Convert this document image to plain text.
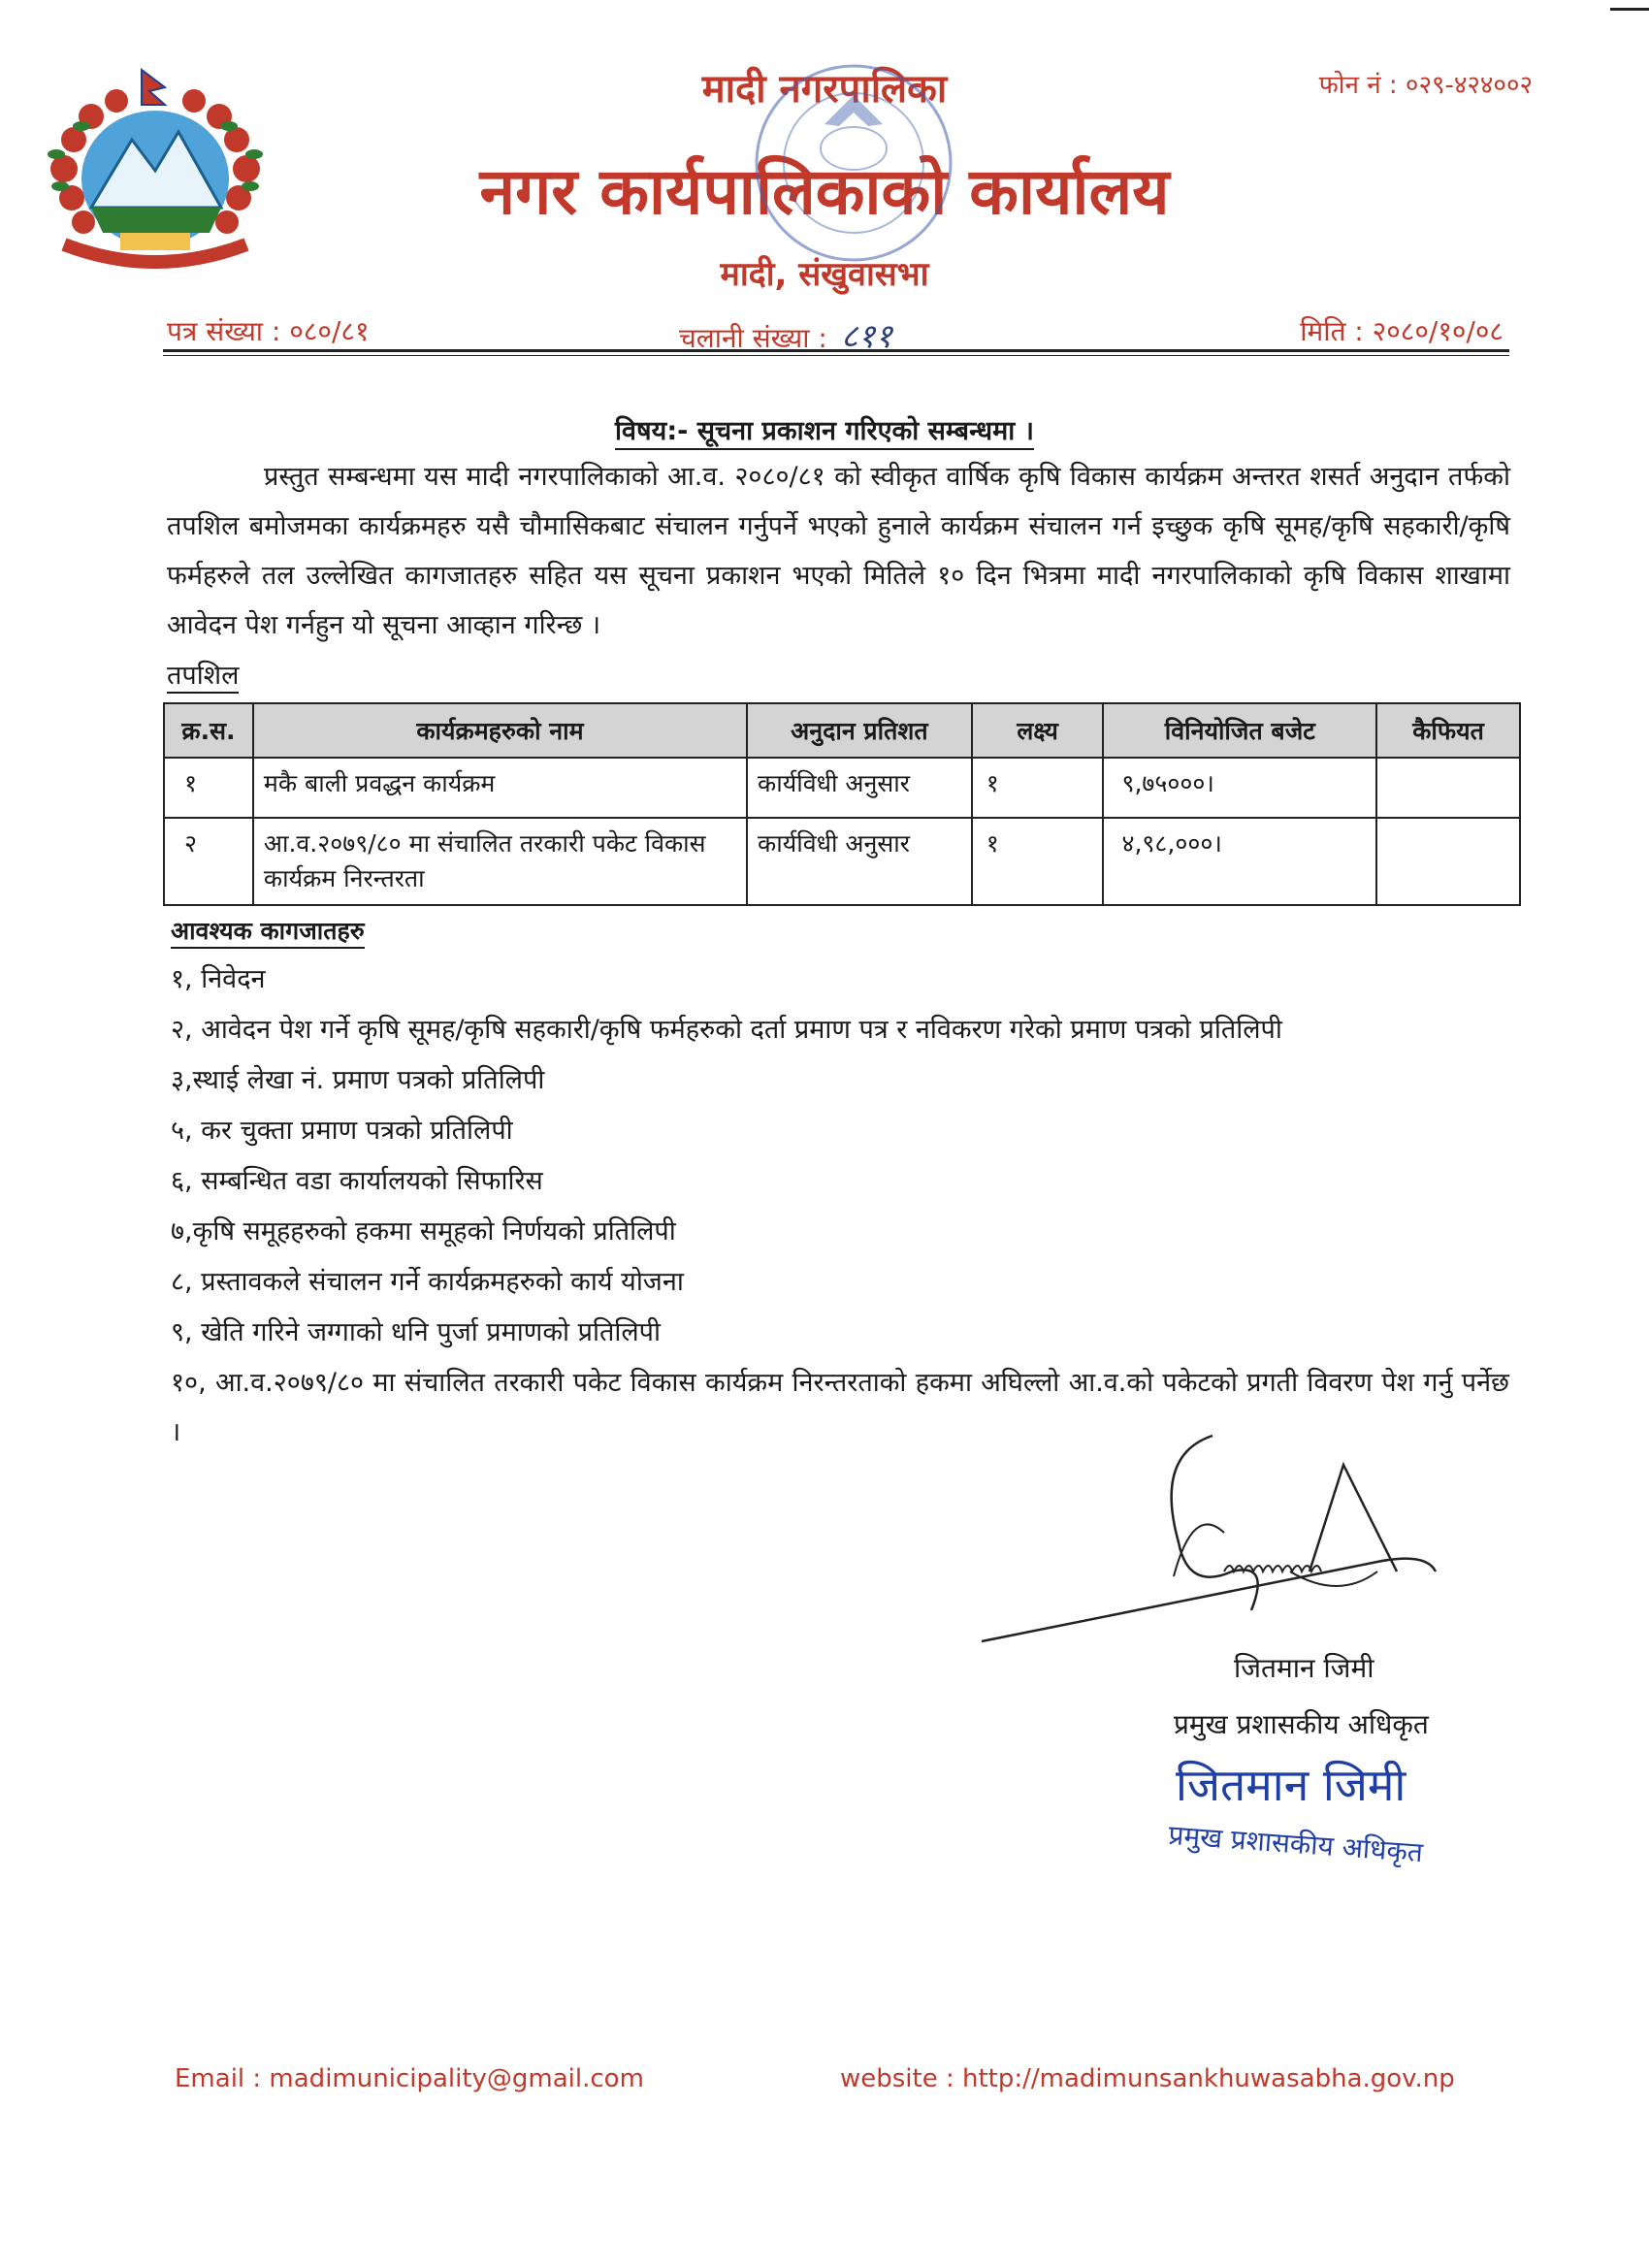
मादी नगरपालिका
नगर कार्यपालिकाको कार्यालय
फोन नं : ०२९-४२४००२
मादी, संखुवासभा
पत्र संख्या : ०८०/८१	चलानी संख्या : ८११	मिति : २०८०/१०/०८
विषय:- सूचना प्रकाशन गरिएको सम्बन्धमा ।
प्रस्तुत सम्बन्धमा यस मादी नगरपालिकाको आ.व. २०८०/८१ को स्वीकृत वार्षिक कृषि विकास कार्यक्रम अन्तरत शसर्त अनुदान तर्फको तपशिल बमोजमका कार्यक्रमहरु यसै चौमासिकबाट संचालन गर्नुपर्ने भएको हुनाले कार्यक्रम संचालन गर्न इच्छुक कृषि सूमह/कृषि सहकारी/कृषि फर्महरुले तल उल्लेखित कागजातहरु सहित यस सूचना प्रकाशन भएको मितिले १० दिन भित्रमा मादी नगरपालिकाको कृषि विकास शाखामा आवेदन पेश गर्नहुन यो सूचना आव्हान गरिन्छ ।
तपशिल
क्र.स.	कार्यक्रमहरुको नाम	अनुदान प्रतिशत	लक्ष्य	विनियोजित बजेट	कैफियत
१	मकै बाली प्रवद्धन कार्यक्रम	कार्यविधी अनुसार	१	९,७५०००।	
२	आ.व.२०७९/८० मा संचालित तरकारी पकेट विकास कार्यक्रम निरन्तरता	कार्यविधी अनुसार	१	४,९८,०००।	
आवश्यक कागजातहरु
१, निवेदन
२, आवेदन पेश गर्ने कृषि सूमह/कृषि सहकारी/कृषि फर्महरुको दर्ता प्रमाण पत्र र नविकरण गरेको प्रमाण पत्रको प्रतिलिपी
३,स्थाई लेखा नं. प्रमाण पत्रको प्रतिलिपी
५, कर चुक्ता प्रमाण पत्रको प्रतिलिपी
६, सम्बन्धित वडा कार्यालयको सिफारिस
७,कृषि समूहहरुको हकमा समूहको निर्णयको प्रतिलिपी
८, प्रस्तावकले संचालन गर्ने कार्यक्रमहरुको कार्य योजना
९, खेति गरिने जग्गाको धनि पुर्जा प्रमाणको प्रतिलिपी
१०, आ.व.२०७९/८० मा संचालित तरकारी पकेट विकास कार्यक्रम निरन्तरताको हकमा अघिल्लो आ.व.को पकेटको प्रगती विवरण पेश गर्नु पर्नेछ ।
जितमान जिमी
प्रमुख प्रशासकीय अधिकृत
जितमान जिमी
प्रमुख प्रशासकीय अधिकृत
Email : madimunicipality@gmail.com	website : http://madimunsankhuwasabha.gov.np
